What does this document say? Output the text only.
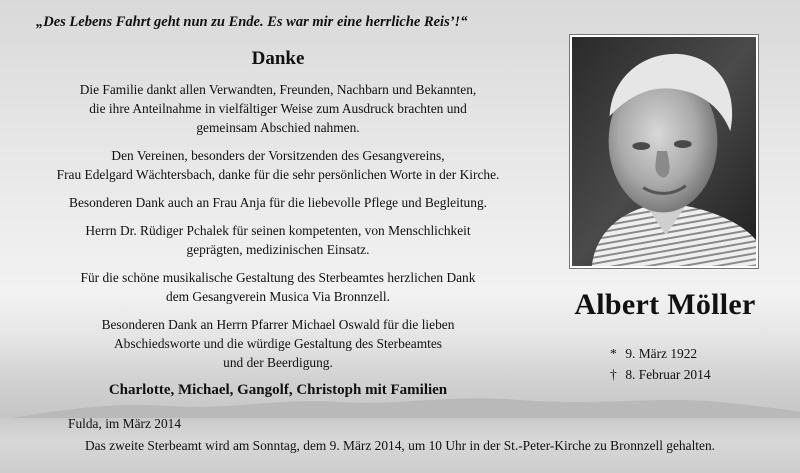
„Des Lebens Fahrt geht nun zu Ende. Es war mir eine herrliche Reis’!“
Danke
Die Familie dankt allen Verwandten, Freunden, Nachbarn und Bekannten,
die ihre Anteilnahme in vielfältiger Weise zum Ausdruck brachten und
gemeinsam Abschied nahmen.
Den Vereinen, besonders der Vorsitzenden des Gesangvereins,
Frau Edelgard Wächtersbach, danke für die sehr persönlichen Worte in der Kirche.
Besonderen Dank auch an Frau Anja für die liebevolle Pflege und Begleitung.
Herrn Dr. Rüdiger Pchalek für seinen kompetenten, von Menschlichkeit
geprägten, medizinischen Einsatz.
Für die schöne musikalische Gestaltung des Sterbeamtes herzlichen Dank
dem Gesangverein Musica Via Bronnzell.
Besonderen Dank an Herrn Pfarrer Michael Oswald für die lieben
Abschiedsworte und die würdige Gestaltung des Sterbeamtes
und der Beerdigung.
Charlotte, Michael, Gangolf, Christoph mit Familien
Fulda, im März 2014
Das zweite Sterbeamt wird am Sonntag, dem 9. März 2014, um 10 Uhr in der St.-Peter-Kirche zu Bronnzell gehalten.
Albert Möller
* 9. März 1922
† 8. Februar 2014
